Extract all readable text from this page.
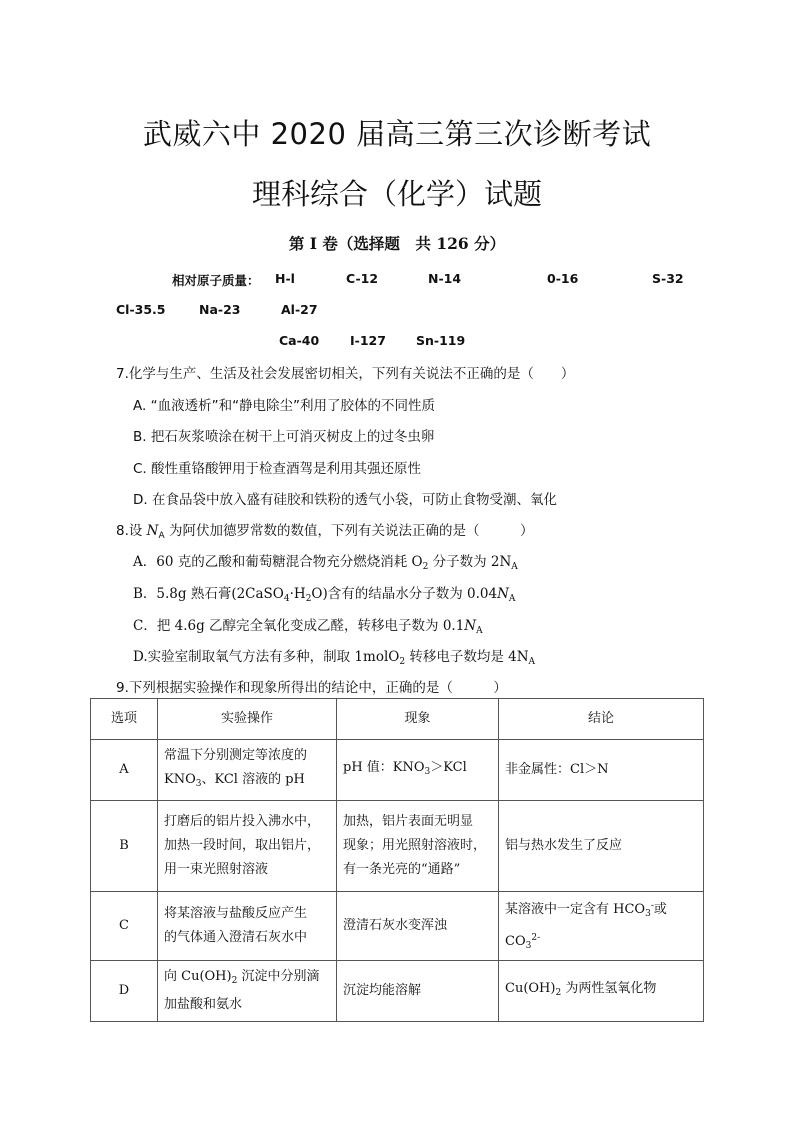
武威六中 2020 届高三第三次诊断考试
理科综合（化学）试题
第 I 卷（选择题　共 126 分）
相对原子质量： H-l	C-12	N-14	0-16	S-32
Cl-35.5	Na-23	Al-27
Ca-40 I-127 Sn-119
7.化学与生产、生活及社会发展密切相关，下列有关说法不正确的是（　　）
A. “血液透析”和“静电除尘”利用了胶体的不同性质
B. 把石灰浆喷涂在树干上可消灭树皮上的过冬虫卵
C. 酸性重铬酸钾用于检查酒驾是利用其强还原性
D. 在食品袋中放入盛有硅胶和铁粉的透气小袋，可防止食物受潮、氧化
8.设 $N_A$ 为阿伏加德罗常数的数值，下列有关说法正确的是（　　　）
A．60 克的乙酸和葡萄糖混合物充分燃烧消耗 $O_2$ 分子数为 $2N_A$
B．5.8g 熟石膏$(2CaSO_4\cdot H_2O)$含有的结晶水分子数为 $0.04N_A$
C．把 4.6g 乙醇完全氧化变成乙醛，转移电子数为 $0.1N_A$
D.实验室制取氧气方法有多种，制取 1molO$_2$ 转移电子数均是 $4N_A$
9.下列根据实验操作和现象所得出的结论中，正确的是（　　　）
选项	实验操作	现象	结论
A	常温下分别测定等浓度的
$KNO_3$、KCl 溶液的 pH	pH 值：$KNO_3>KCl$	非金属性：Cl＞N
B	打磨后的铝片投入沸水中，
加热一段时间，取出铝片，
用一束光照射溶液	加热，铝片表面无明显
现象；用光照射溶液时，
有一条光亮的“通路”	铝与热水发生了反应
C	将某溶液与盐酸反应产生
的气体通入澄清石灰水中	澄清石灰水变浑浊	某溶液中一定含有 $HCO_3^-$或
$CO_3^{2-}$
D	向 $Cu(OH)_2$ 沉淀中分别滴
加盐酸和氨水	沉淀均能溶解	$Cu(OH)_2$ 为两性氢氧化物
